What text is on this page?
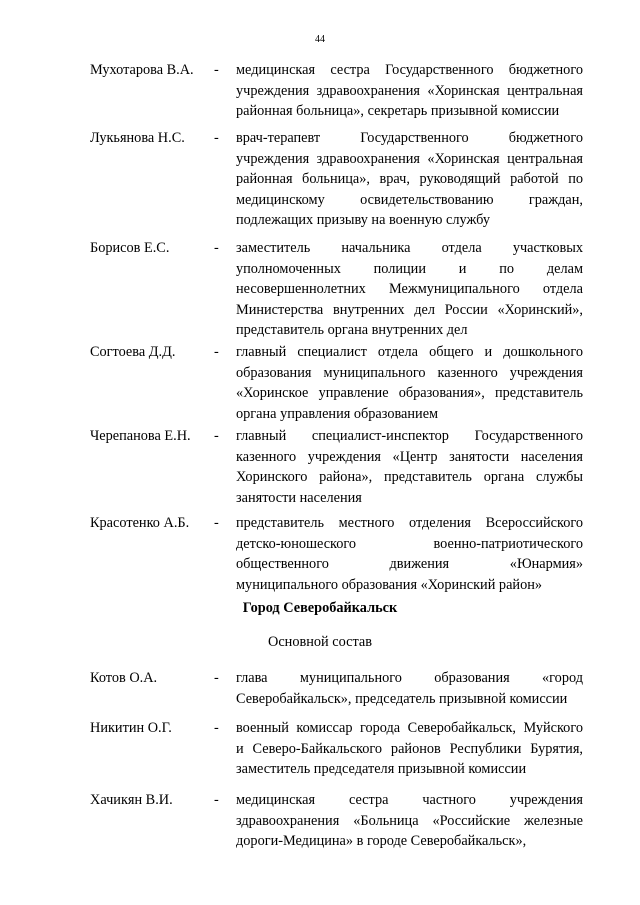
44
Мухотарова В.А. - медицинская сестра Государственного бюджетного
учреждения здравоохранения «Хоринская центральная
районная больница», секретарь призывной комиссии
Лукьянова Н.С. - врач-терапевт Государственного бюджетного
учреждения здравоохранения «Хоринская центральная
районная больница», врач, руководящий работой по
медицинскому освидетельствованию граждан,
подлежащих призыву на военную службу
Борисов Е.С.	- заместитель начальника отдела участковых
уполномоченных полиции и по делам
несовершеннолетних Межмуниципального отдела
Министерства внутренних дел России «Хоринский»,
представитель органа внутренних дел
Согтоева Д.Д.	- главный специалист отдела общего и дошкольного
образования муниципального казенного учреждения
«Хоринское управление образования», представитель
органа управления образованием
Черепанова Е.Н. - главный специалист-инспектор Государственного
казенного учреждения «Центр занятости населения
Хоринского района», представитель органа службы
занятости населения
Красотенко А.Б. - представитель местного отделения Всероссийского
детско-юношеского военно-патриотического
общественного движения «Юнармия»
муниципального образования «Хоринский район»
Город Северобайкальск
Основной состав
Котов О.А.	- глава муниципального образования «город
Северобайкальск», председатель призывной комиссии
Никитин О.Г.	- военный комиссар города Северобайкальск, Муйского
и Северо-Байкальского районов Республики Бурятия,
заместитель председателя призывной комиссии
Хачикян В.И.	- медицинская сестра частного учреждения
здравоохранения «Больница «Российские железные
дороги-Медицина» в городе Северобайкальск»,
